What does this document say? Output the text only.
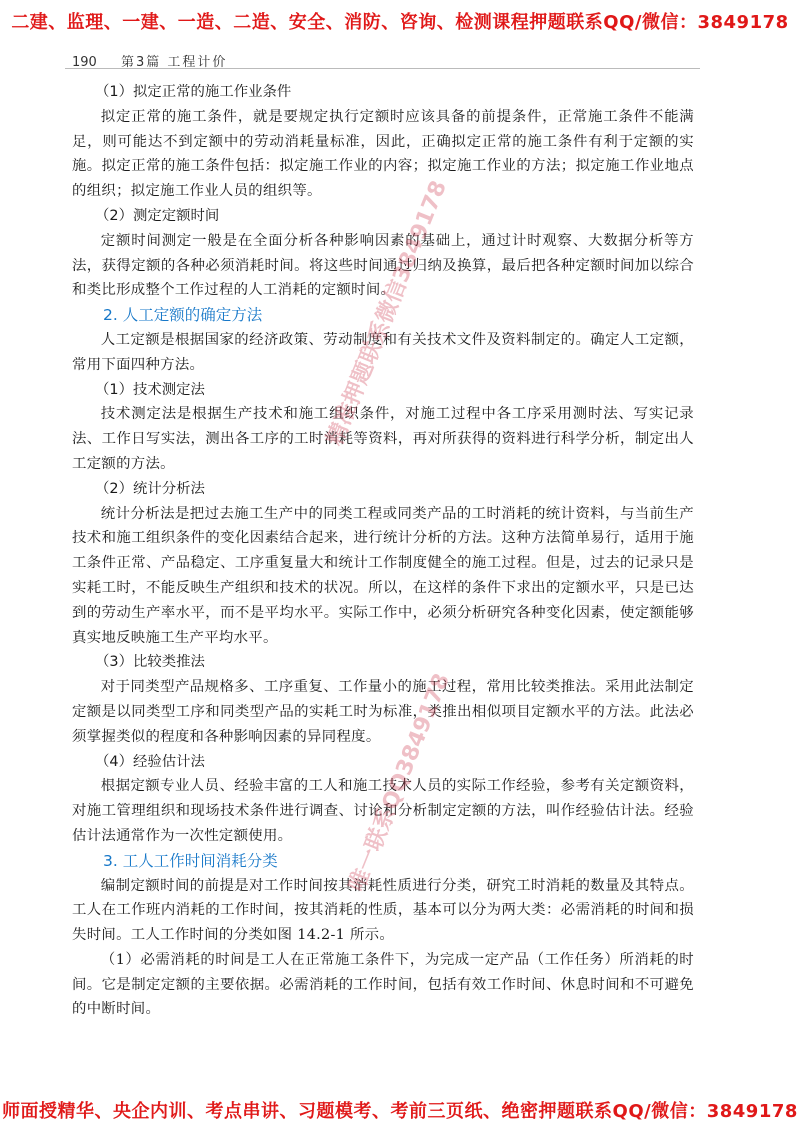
二建、监理、一建、一造、二造、安全、消防、咨询、检测课程押题联系QQ/微信：3849178
190 第3篇 工程计价
（1）拟定正常的施工作业条件

拟定正常的施工条件，就是要规定执行定额时应该具备的前提条件，正常施工条件不能满足，则可能达不到定额中的劳动消耗量标准，因此，正确拟定正常的施工条件有利于定额的实施。拟定正常的施工条件包括：拟定施工作业的内容；拟定施工作业的方法；拟定施工作业地点的组织；拟定施工作业人员的组织等。

（2）测定定额时间

定额时间测定一般是在全面分析各种影响因素的基础上，通过计时观察、大数据分析等方法，获得定额的各种必须消耗时间。将这些时间通过归纳及换算，最后把各种定额时间加以综合和类比形成整个工作过程的人工消耗的定额时间。

2. 人工定额的确定方法

人工定额是根据国家的经济政策、劳动制度和有关技术文件及资料制定的。确定人工定额，常用下面四种方法。

（1）技术测定法

技术测定法是根据生产技术和施工组织条件，对施工过程中各工序采用测时法、写实记录法、工作日写实法，测出各工序的工时消耗等资料，再对所获得的资料进行科学分析，制定出人工定额的方法。

（2）统计分析法

统计分析法是把过去施工生产中的同类工程或同类产品的工时消耗的统计资料，与当前生产技术和施工组织条件的变化因素结合起来，进行统计分析的方法。这种方法简单易行，适用于施工条件正常、产品稳定、工序重复量大和统计工作制度健全的施工过程。但是，过去的记录只是实耗工时，不能反映生产组织和技术的状况。所以，在这样的条件下求出的定额水平，只是已达到的劳动生产率水平，而不是平均水平。实际工作中，必须分析研究各种变化因素，使定额能够真实地反映施工生产平均水平。

（3）比较类推法

对于同类型产品规格多、工序重复、工作量小的施工过程，常用比较类推法。采用此法制定定额是以同类型工序和同类型产品的实耗工时为标准，类推出相似项目定额水平的方法。此法必须掌握类似的程度和各种影响因素的异同程度。

（4）经验估计法

根据定额专业人员、经验丰富的工人和施工技术人员的实际工作经验，参考有关定额资料，对施工管理组织和现场技术条件进行调查、讨论和分析制定定额的方法，叫作经验估计法。经验估计法通常作为一次性定额使用。

3. 工人工作时间消耗分类

编制定额时间的前提是对工作时间按其消耗性质进行分类，研究工时消耗的数量及其特点。工人在工作班内消耗的工作时间，按其消耗的性质，基本可以分为两大类：必需消耗的时间和损失时间。工人工作时间的分类如图 14.2-1 所示。

（1）必需消耗的时间是工人在正常施工条件下，为完成一定产品（工作任务）所消耗的时间。它是制定定额的主要依据。必需消耗的工作时间，包括有效工作时间、休息时间和不可避免的中断时间。

精准押题联系微信3849178
唯一联系QQ3849178
师面授精华、央企内训、考点串讲、习题模考、考前三页纸、绝密押题联系QQ/微信：3849178
